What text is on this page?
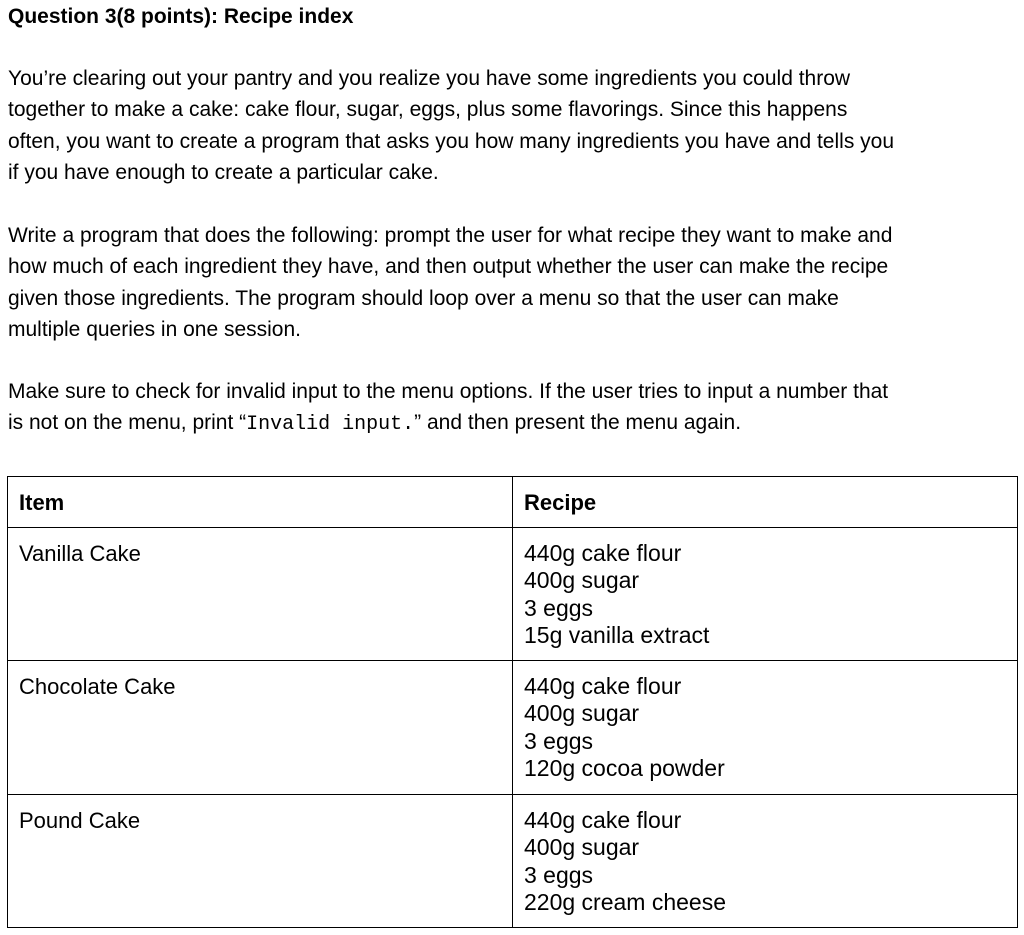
Question 3(8 points): Recipe index

You’re clearing out your pantry and you realize you have some ingredients you could throw
together to make a cake: cake flour, sugar, eggs, plus some flavorings. Since this happens
often, you want to create a program that asks you how many ingredients you have and tells you
if you have enough to create a particular cake.

Write a program that does the following: prompt the user for what recipe they want to make and
how much of each ingredient they have, and then output whether the user can make the recipe
given those ingredients. The program should loop over a menu so that the user can make
multiple queries in one session.

Make sure to check for invalid input to the menu options. If the user tries to input a number that
is not on the menu, print “Invalid input.” and then present the menu again.

Item	Recipe
Vanilla Cake	440g cake flour
400g sugar
3 eggs
15g vanilla extract

Chocolate Cake	440g cake flour
400g sugar
3 eggs
120g cocoa powder

Pound Cake	440g cake flour
400g sugar
3 eggs
220g cream cheese
